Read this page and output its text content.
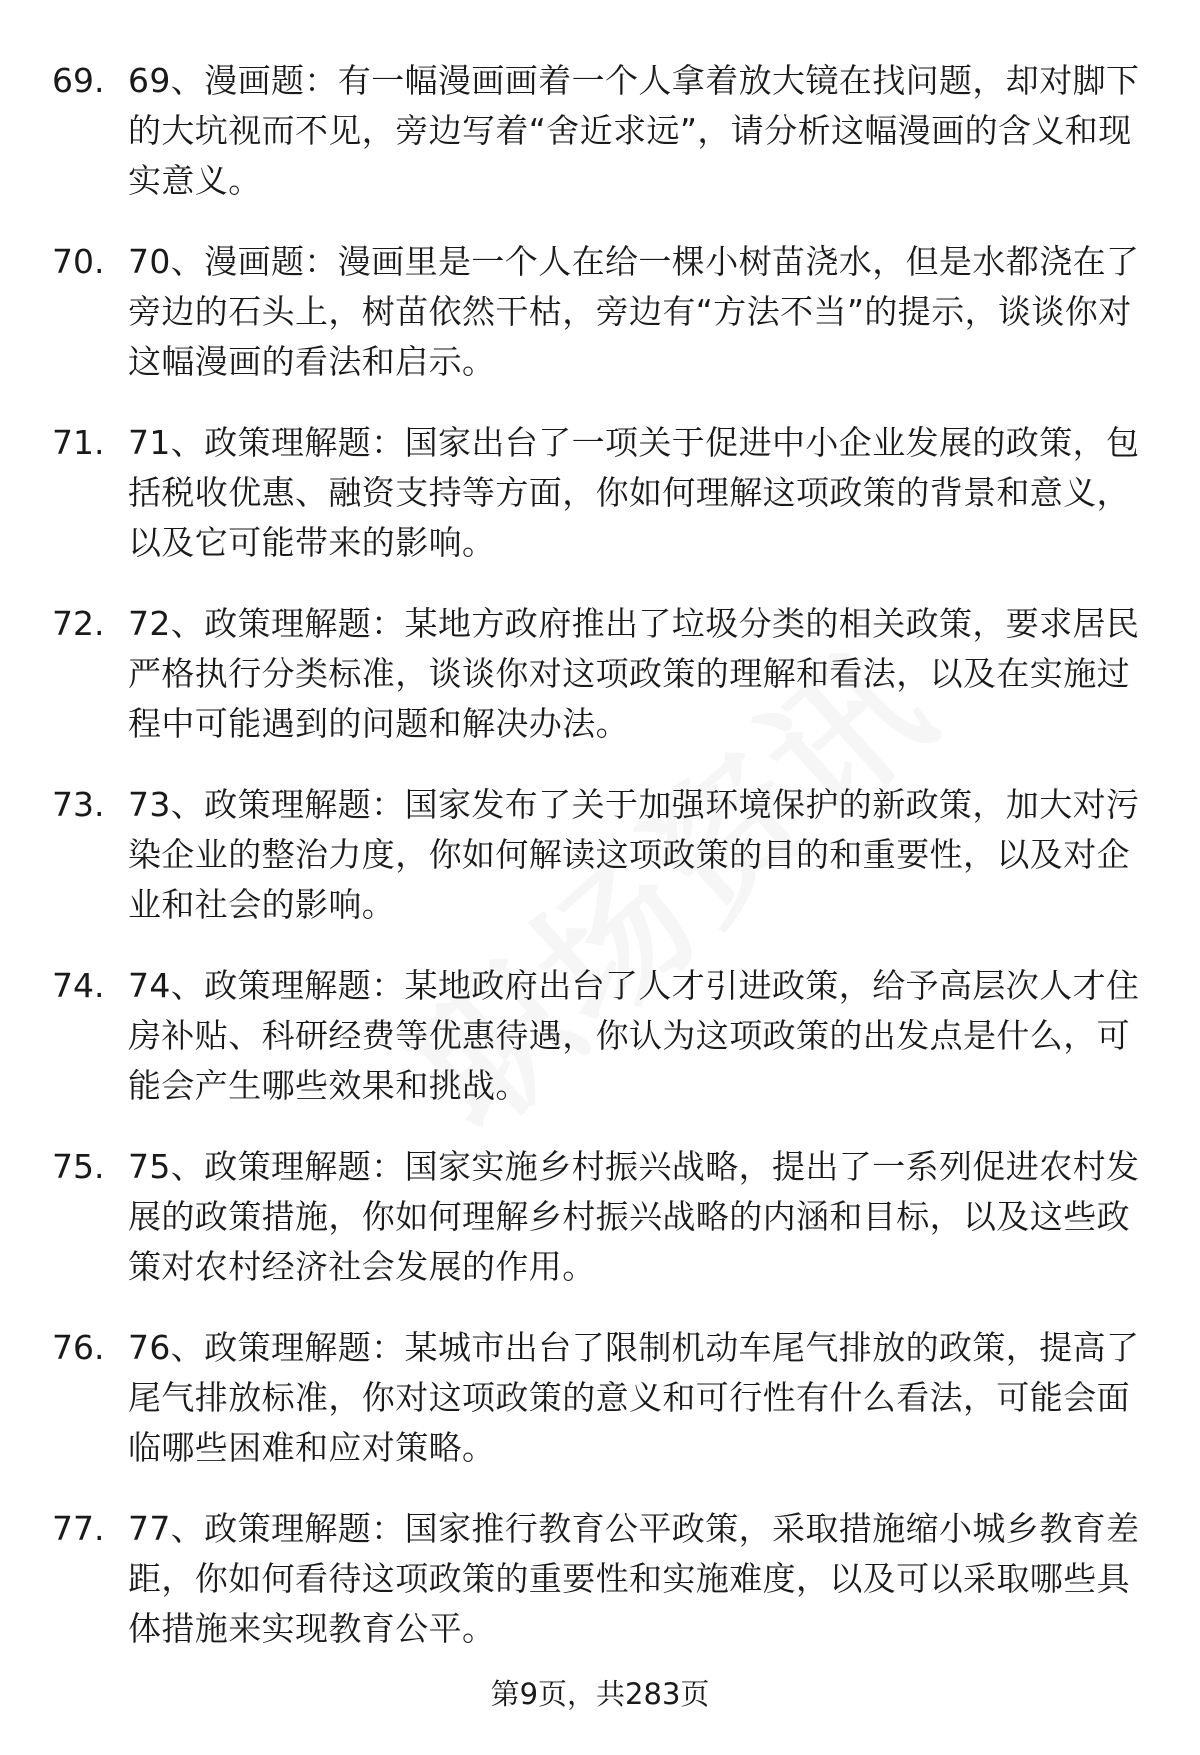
69. 69、漫画题：有一幅漫画画着一个人拿着放大镜在找问题，却对脚下的大坑视而不见，旁边写着“舍近求远”，请分析这幅漫画的含义和现实意义。

70. 70、漫画题：漫画里是一个人在给一棵小树苗浇水，但是水都浇在了旁边的石头上，树苗依然干枯，旁边有“方法不当”的提示，谈谈你对这幅漫画的看法和启示。

71. 71、政策理解题：国家出台了一项关于促进中小企业发展的政策，包括税收优惠、融资支持等方面，你如何理解这项政策的背景和意义，以及它可能带来的影响。

72. 72、政策理解题：某地方政府推出了垃圾分类的相关政策，要求居民严格执行分类标准，谈谈你对这项政策的理解和看法，以及在实施过程中可能遇到的问题和解决办法。

73. 73、政策理解题：国家发布了关于加强环境保护的新政策，加大对污染企业的整治力度，你如何解读这项政策的目的和重要性，以及对企业和社会的影响。

74. 74、政策理解题：某地政府出台了人才引进政策，给予高层次人才住房补贴、科研经费等优惠待遇，你认为这项政策的出发点是什么，可能会产生哪些效果和挑战。

75. 75、政策理解题：国家实施乡村振兴战略，提出了一系列促进农村发展的政策措施，你如何理解乡村振兴战略的内涵和目标，以及这些政策对农村经济社会发展的作用。

76. 76、政策理解题：某城市出台了限制机动车尾气排放的政策，提高了尾气排放标准，你对这项政策的意义和可行性有什么看法，可能会面临哪些困难和应对策略。

77. 77、政策理解题：国家推行教育公平政策，采取措施缩小城乡教育差距，你如何看待这项政策的重要性和实施难度，以及可以采取哪些具体措施来实现教育公平。

第9页，共283页
